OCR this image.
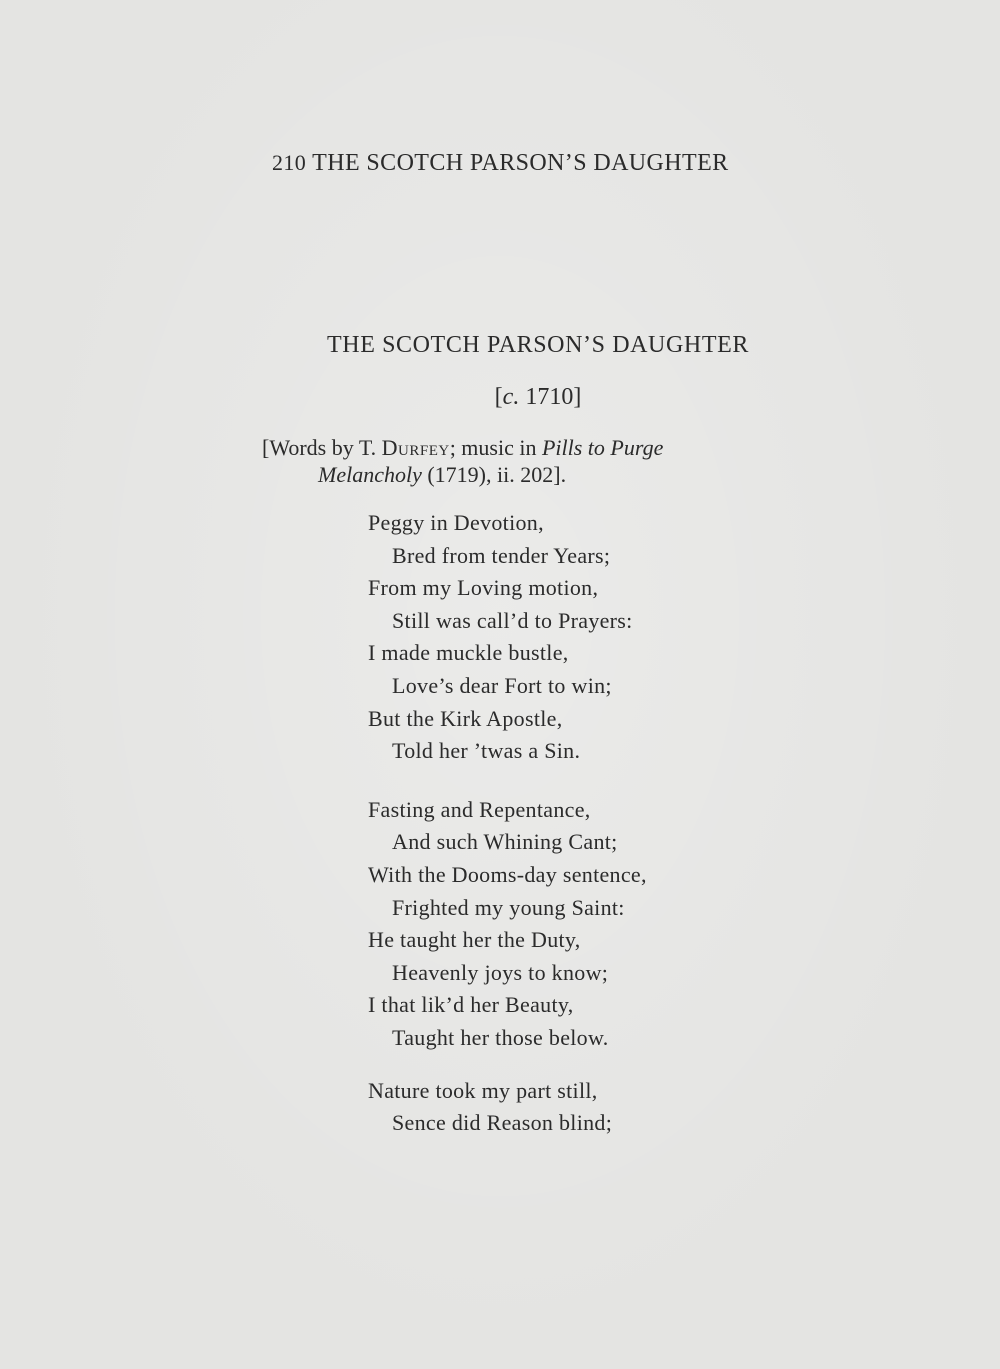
210 THE SCOTCH PARSON’S DAUGHTER
THE SCOTCH PARSON’S DAUGHTER
[c. 1710]
[Words by T. Durfey; music in Pills to Purge
Melancholy (1719), ii. 202].
Peggy in Devotion,
Bred from tender Years;
From my Loving motion,
Still was call’d to Prayers:
I made muckle bustle,
Love’s dear Fort to win;
But the Kirk Apostle,
Told her ’twas a Sin.
Fasting and Repentance,
And such Whining Cant;
With the Dooms-day sentence,
Frighted my young Saint:
He taught her the Duty,
Heavenly joys to know;
I that lik’d her Beauty,
Taught her those below.
Nature took my part still,
Sence did Reason blind;
